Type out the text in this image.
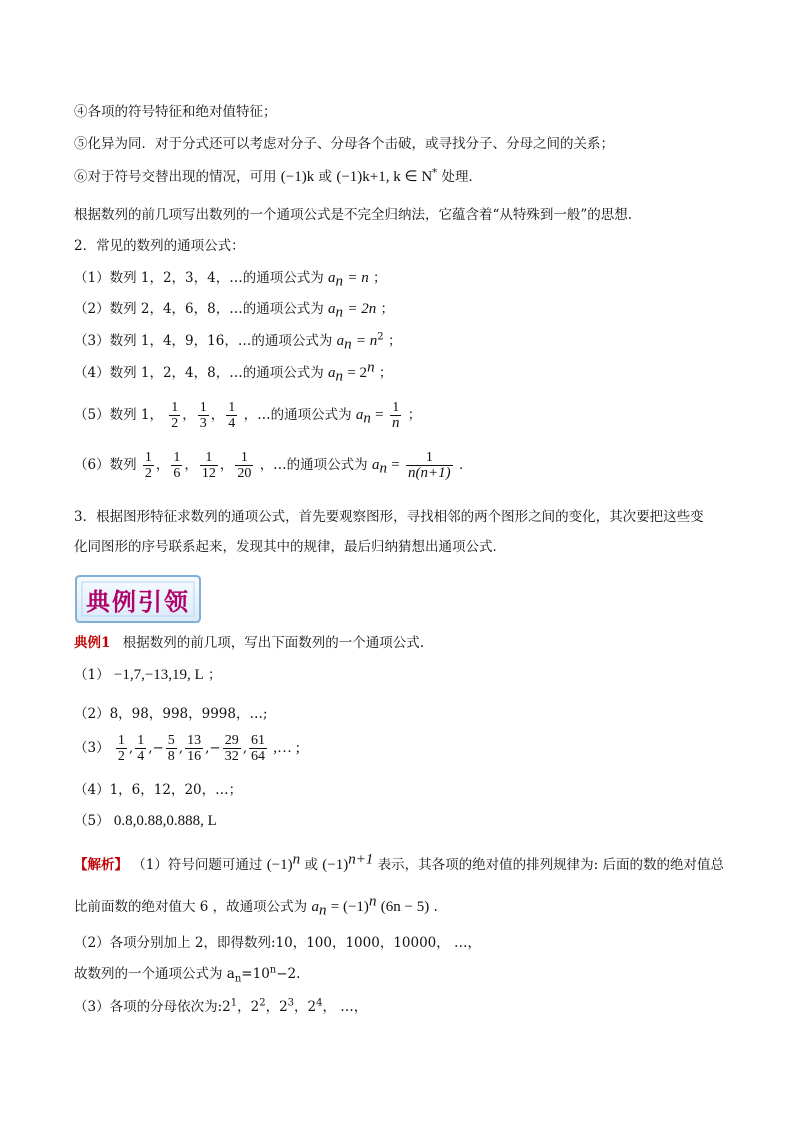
④各项的符号特征和绝对值特征；
⑤化异为同．对于分式还可以考虑对分子、分母各个击破，或寻找分子、分母之间的关系；
⑥对于符号交替出现的情况，可用 (−1)k 或 (−1)k+1, k ∈ N* 处理．
根据数列的前几项写出数列的一个通项公式是不完全归纳法，它蕴含着“从特殊到一般”的思想.
2．常见的数列的通项公式：
（1）数列 1，2，3，4，…的通项公式为 $a_n = n$ ；
（2）数列 2，4，6，8，…的通项公式为 $a_n = 2n$ ；
（3）数列 1，4，9，16，…的通项公式为 $a_n = n^2$ ；
（4）数列 1，2，4，8，…的通项公式为 $a_n = 2^n$ ；
（5）数列 1， $\frac{1}{2}$ ， $\frac{1}{3}$ ， $\frac{1}{4}$ ，…的通项公式为 $a_n = \frac{1}{n}$ ；
（6）数列 $\frac{1}{2}$ ， $\frac{1}{6}$ ， $\frac{1}{12}$ ， $\frac{1}{20}$ ，…的通项公式为 $a_n = \frac{1}{n(n+1)}$ ．
3．根据图形特征求数列的通项公式，首先要观察图形，寻找相邻的两个图形之间的变化，其次要把这些变
化同图形的序号联系起来，发现其中的规律，最后归纳猜想出通项公式．
典例引领
典例1 根据数列的前几项，写出下面数列的一个通项公式.
（1） −1,7,−13,19, L ；
（2）8，98，998，9998，…;
$(3) \frac{1}{2}$ , $\frac{1}{4}$ ,− $\frac{5}{8}$ , $\frac{13}{16}$ ,− $\frac{29}{32}$ , $\frac{61}{64}$ ,… ;
（4）1，6，12，20，…；
（5） 0.8,0.88,0.888, L
【解析】 （1）符号问题可通过 $(-1)^n$ 或 $(-1)^{n+1}$ 表示，其各项的绝对值的排列规律为: 后面的数的绝对值总
比前面数的绝对值大 6 ，故通项公式为 $a_n = (-1)^n$ (6n − 5) .
（2）各项分别加上 2，即得数列:10，100，1000，10000， …，
故数列的一个通项公式为 $a_n=10^n-2$.
（3）各项的分母依次为$:2^1$，$2^2$，$2^3$，$2^4$， …，
